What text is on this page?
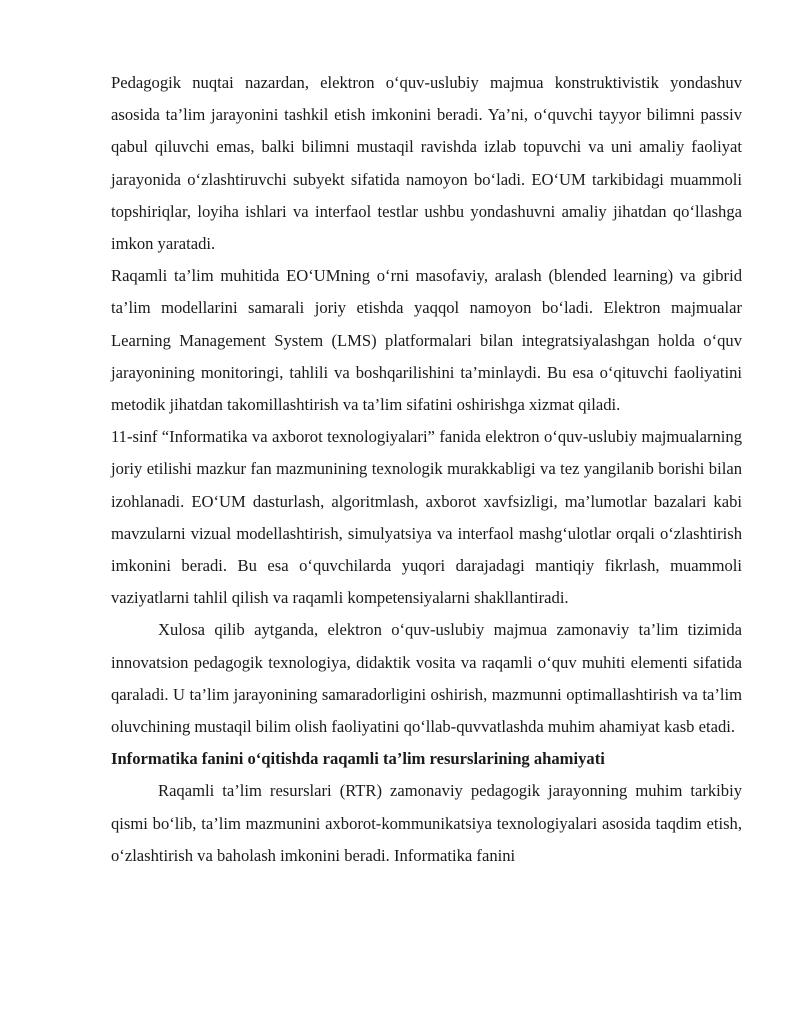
Pedagogik nuqtai nazardan, elektron o‘quv-uslubiy majmua konstruktivistik yondashuv asosida ta’lim jarayonini tashkil etish imkonini beradi. Ya’ni, o‘quvchi tayyor bilimni passiv qabul qiluvchi emas, balki bilimni mustaqil ravishda izlab topuvchi va uni amaliy faoliyat jarayonida o‘zlashtiruvchi subyekt sifatida namoyon bo‘ladi. EO‘UM tarkibidagi muammoli topshiriqlar, loyiha ishlari va interfaol testlar ushbu yondashuvni amaliy jihatdan qo‘llashga imkon yaratadi.

Raqamli ta’lim muhitida EO‘UMning o‘rni masofaviy, aralash (blended learning) va gibrid ta’lim modellarini samarali joriy etishda yaqqol namoyon bo‘ladi. Elektron majmualar Learning Management System (LMS) platformalari bilan integratsiyalashgan holda o‘quv jarayonining monitoringi, tahlili va boshqarilishini ta’minlaydi. Bu esa o‘qituvchi faoliyatini metodik jihatdan takomillashtirish va ta’lim sifatini oshirishga xizmat qiladi.

11-sinf “Informatika va axborot texnologiyalari” fanida elektron o‘quv-uslubiy majmualarning joriy etilishi mazkur fan mazmunining texnologik murakkabligi va tez yangilanib borishi bilan izohlanadi. EO‘UM dasturlash, algoritmlash, axborot xavfsizligi, ma’lumotlar bazalari kabi mavzularni vizual modellashtirish, simulyatsiya va interfaol mashg‘ulotlar orqali o‘zlashtirish imkonini beradi. Bu esa o‘quvchilarda yuqori darajadagi mantiqiy fikrlash, muammoli vaziyatlarni tahlil qilish va raqamli kompetensiyalarni shakllantiradi.

Xulosa qilib aytganda, elektron o‘quv-uslubiy majmua zamonaviy ta’lim tizimida innovatsion pedagogik texnologiya, didaktik vosita va raqamli o‘quv muhiti elementi sifatida qaraladi. U ta’lim jarayonining samaradorligini oshirish, mazmunni optimallashtirish va ta’lim oluvchining mustaqil bilim olish faoliyatini qo‘llab-quvvatlashda muhim ahamiyat kasb etadi.

Informatika fanini o‘qitishda raqamli ta’lim resurslarining ahamiyati

Raqamli ta’lim resurslari (RTR) zamonaviy pedagogik jarayonning muhim tarkibiy qismi bo‘lib, ta’lim mazmunini axborot-kommunikatsiya texnologiyalari asosida taqdim etish, o‘zlashtirish va baholash imkonini beradi. Informatika fanini
